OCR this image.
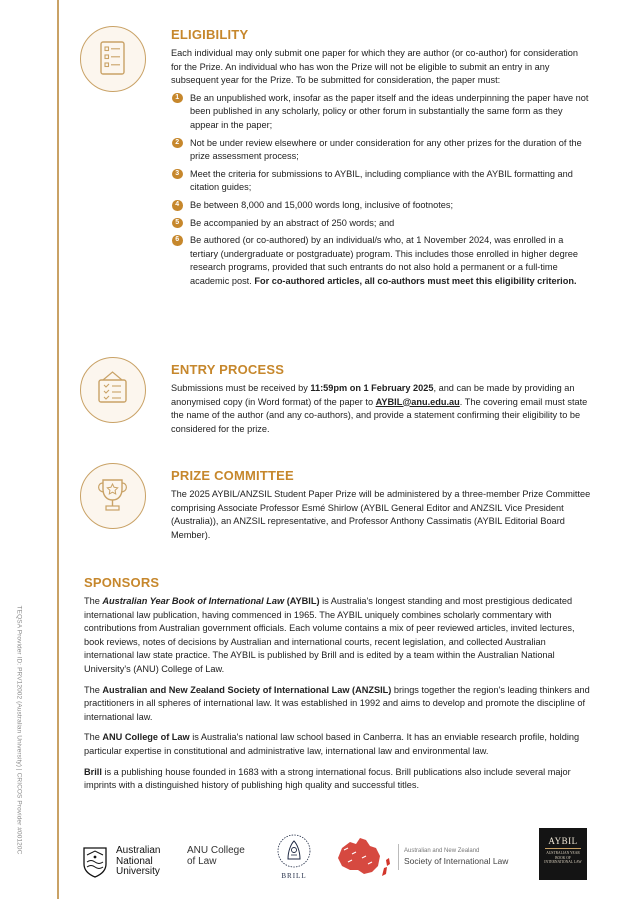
TEQSA Provider ID: PRV12002 (Australian University) | CRICOS Provider #00120C
ELIGIBILITY

Each individual may only submit one paper for which they are author (or co-author) for consideration for the Prize. An individual who has won the Prize will not be eligible to submit an entry in any subsequent year for the Prize. To be submitted for consideration, the paper must:

1	Be an unpublished work, insofar as the paper itself and the ideas underpinning the paper have not been published in any scholarly, policy or other forum in substantially the same form as they appear in the paper;
2	Not be under review elsewhere or under consideration for any other prizes for the duration of the prize assessment process;
3	Meet the criteria for submissions to AYBIL, including compliance with the AYBIL formatting and citation guides;
4	Be between 8,000 and 15,000 words long, inclusive of footnotes;
5	Be accompanied by an abstract of 250 words; and
6	Be authored (or co-authored) by an individual/s who, at 1 November 2024, was enrolled in a tertiary (undergraduate or postgraduate) program. This includes those enrolled in higher degree research programs, provided that such entrants do not also hold a permanent or a full-time academic post. For co-authored articles, all co-authors must meet this eligibility criterion.
ENTRY PROCESS

Submissions must be received by 11:59pm on 1 February 2025, and can be made by providing an anonymised copy (in Word format) of the paper to AYBIL@anu.edu.au. The covering email must state the name of the author (and any co-authors), and provide a statement confirming their eligibility to be considered for the prize.

PRIZE COMMITTEE

The 2025 AYBIL/ANZSIL Student Paper Prize will be administered by a three-member Prize Committee comprising Associate Professor Esmé Shirlow (AYBIL General Editor and ANZSIL Vice President (Australia)), an ANZSIL representative, and Professor Anthony Cassimatis (AYBIL Editorial Board Member).

SPONSORS

The Australian Year Book of International Law (AYBIL) is Australia's longest standing and most prestigious dedicated international law publication, having commenced in 1965. The AYBIL uniquely combines scholarly commentary with contributions from Australian government officials. Each volume contains a mix of peer reviewed articles, invited lectures, book reviews, notes of decisions by Australian and international courts, recent legislation, and collected Australian international law state practice. The AYBIL is published by Brill and is edited by a team within the Australian National University's (ANU) College of Law.

The Australian and New Zealand Society of International Law (ANZSIL) brings together the region's leading thinkers and practitioners in all spheres of international law. It was established in 1992 and aims to develop and promote the discipline of international law.

The ANU College of Law is Australia's national law school based in Canberra. It has an enviable research profile, holding particular expertise in constitutional and administrative law, international law and environmental law.

Brill is a publishing house founded in 1683 with a strong international focus. Brill publications also include several major imprints with a distinguished history of publishing high quality and successful titles.

Australian
National
University
ANU College
of Law
BRILL
Australian and New Zealand
Society of International Law
AYBIL
AUSTRALIAN YEAR BOOK OF INTERNATIONAL LAW
